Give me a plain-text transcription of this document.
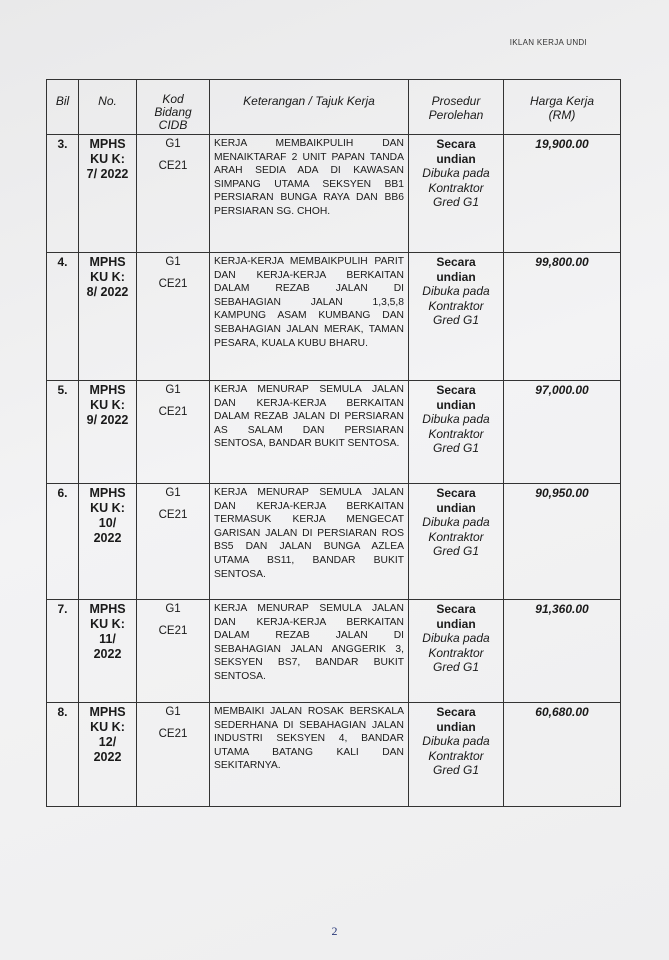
IKLAN KERJA UNDI
Bil	No.	Kod
Bidang
CIDB	Keterangan / Tajuk Kerja	Prosedur
Perolehan	Harga Kerja
(RM)
3.	MPHS
KU K:
7/ 2022	G1
CE21	KERJA MEMBAIKPULIH DAN MENAIKTARAF 2 UNIT PAPAN TANDA ARAH SEDIA ADA DI KAWASAN SIMPANG UTAMA SEKSYEN BB1 PERSIARAN BUNGA RAYA DAN BB6 PERSIARAN SG. CHOH.	Secara
undian
Dibuka pada
Kontraktor
Gred G1	19,900.00
4.	MPHS
KU K:
8/ 2022	G1
CE21	KERJA-KERJA MEMBAIKPULIH PARIT DAN KERJA-KERJA BERKAITAN DALAM REZAB JALAN DI SEBAHAGIAN JALAN 1,3,5,8 KAMPUNG ASAM KUMBANG DAN SEBAHAGIAN JALAN MERAK, TAMAN PESARA, KUALA KUBU BHARU.	Secara
undian
Dibuka pada
Kontraktor
Gred G1	99,800.00
5.	MPHS
KU K:
9/ 2022	G1
CE21	KERJA MENURAP SEMULA JALAN DAN KERJA-KERJA BERKAITAN DALAM REZAB JALAN DI PERSIARAN AS SALAM DAN PERSIARAN SENTOSA, BANDAR BUKIT SENTOSA.	Secara
undian
Dibuka pada
Kontraktor
Gred G1	97,000.00
6.	MPHS
KU K:
10/
2022	G1
CE21	KERJA MENURAP SEMULA JALAN DAN KERJA-KERJA BERKAITAN TERMASUK KERJA MENGECAT GARISAN JALAN DI PERSIARAN ROS BS5 DAN JALAN BUNGA AZLEA UTAMA BS11, BANDAR BUKIT SENTOSA.	Secara
undian
Dibuka pada
Kontraktor
Gred G1	90,950.00
7.	MPHS
KU K:
11/
2022	G1
CE21	KERJA MENURAP SEMULA JALAN DAN KERJA-KERJA BERKAITAN DALAM REZAB JALAN DI SEBAHAGIAN JALAN ANGGERIK 3, SEKSYEN BS7, BANDAR BUKIT SENTOSA.	Secara
undian
Dibuka pada
Kontraktor
Gred G1	91,360.00
8.	MPHS
KU K:
12/
2022	G1
CE21	MEMBAIKI JALAN ROSAK BERSKALA SEDERHANA DI SEBAHAGIAN JALAN INDUSTRI SEKSYEN 4, BANDAR UTAMA BATANG KALI DAN SEKITARNYA.	Secara
undian
Dibuka pada
Kontraktor
Gred G1	60,680.00
2
